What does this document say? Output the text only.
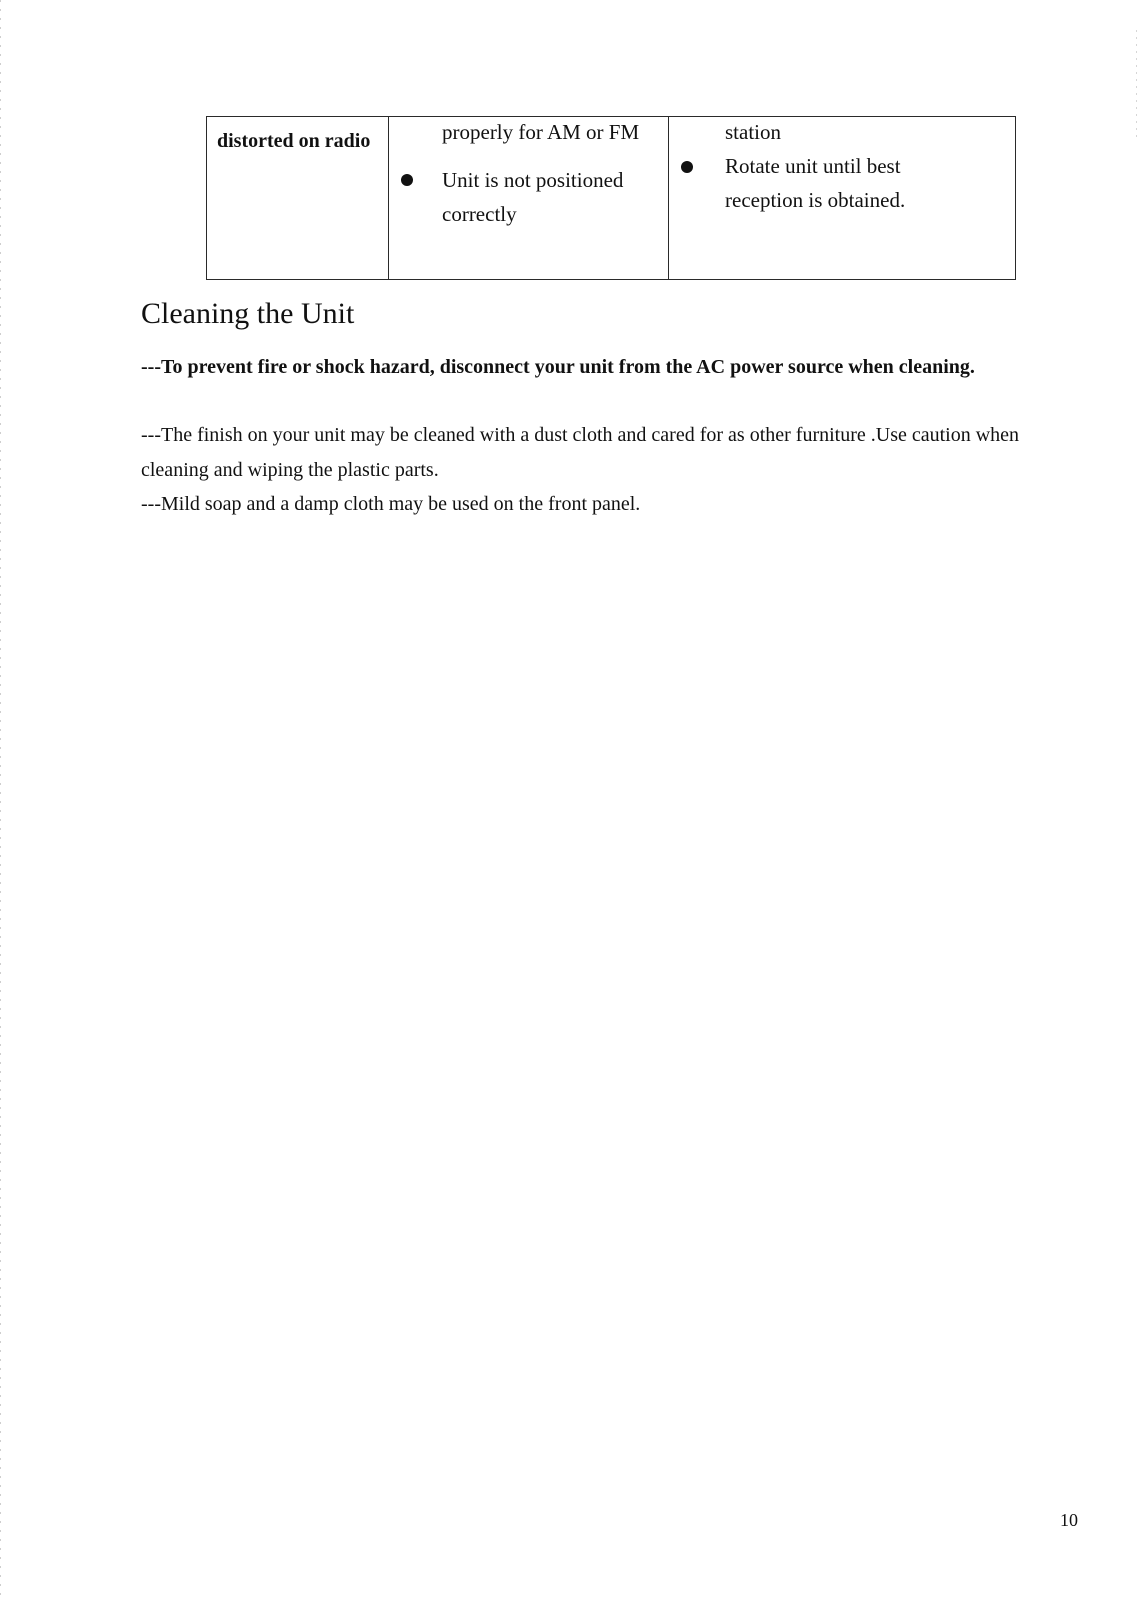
distorted on radio	properly for AM or FM
Unit is not positioned
correctly
station
Rotate unit until best
reception is obtained.
Cleaning the Unit

---To prevent fire or shock hazard, disconnect your unit from the AC power source when cleaning.

---The finish on your unit may be cleaned with a dust cloth and cared for as other furniture .Use caution when cleaning and wiping the plastic parts.

---Mild soap and a damp cloth may be used on the front panel.

10
